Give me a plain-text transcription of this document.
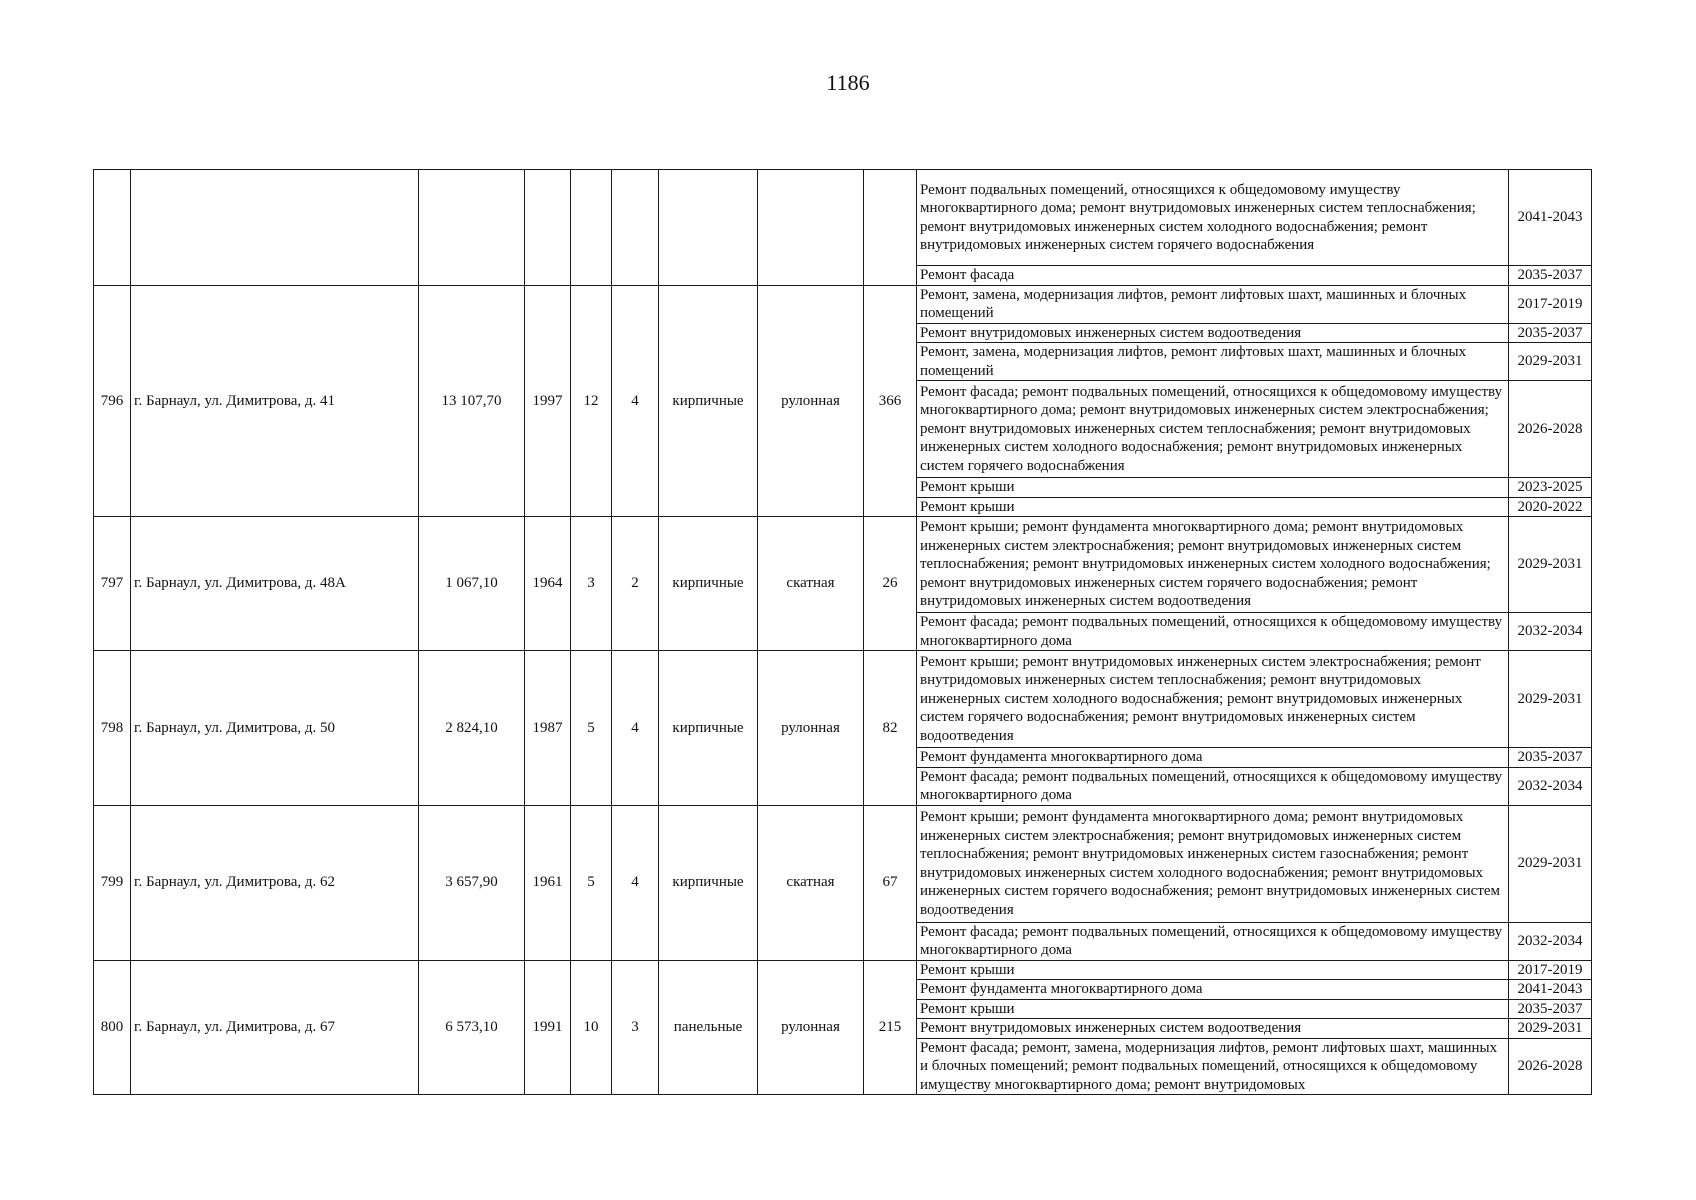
1186
									Ремонт подвальных помещений, относящихся к общедомовому имуществу многоквартирного дома; ремонт внутридомовых инженерных систем теплоснабжения; ремонт внутридомовых инженерных систем холодного водоснабжения; ремонт внутридомовых инженерных систем горячего водоснабжения	2041-2043
									Ремонт фасада	2035-2037
796	г. Барнаул, ул. Димитрова, д. 41	13 107,70	1997	12	4	кирпичные	рулонная	366	Ремонт, замена, модернизация лифтов, ремонт лифтовых шахт, машинных и блочных помещений	2017-2019
									Ремонт внутридомовых инженерных систем водоотведения	2035-2037
									Ремонт, замена, модернизация лифтов, ремонт лифтовых шахт, машинных и блочных помещений	2029-2031
									Ремонт фасада; ремонт подвальных помещений, относящихся к общедомовому имуществу многоквартирного дома; ремонт внутридомовых инженерных систем электроснабжения; ремонт внутридомовых инженерных систем теплоснабжения; ремонт внутридомовых инженерных систем холодного водоснабжения; ремонт внутридомовых инженерных систем горячего водоснабжения	2026-2028
									Ремонт крыши	2023-2025
									Ремонт крыши	2020-2022
797	г. Барнаул, ул. Димитрова, д. 48А	1 067,10	1964	3	2	кирпичные	скатная	26	Ремонт крыши; ремонт фундамента многоквартирного дома; ремонт внутридомовых инженерных систем электроснабжения; ремонт внутридомовых инженерных систем теплоснабжения; ремонт внутридомовых инженерных систем холодного водоснабжения; ремонт внутридомовых инженерных систем горячего водоснабжения; ремонт внутридомовых инженерных систем водоотведения	2029-2031
									Ремонт фасада; ремонт подвальных помещений, относящихся к общедомовому имуществу многоквартирного дома	2032-2034
798	г. Барнаул, ул. Димитрова, д. 50	2 824,10	1987	5	4	кирпичные	рулонная	82	Ремонт крыши; ремонт внутридомовых инженерных систем электроснабжения; ремонт внутридомовых инженерных систем теплоснабжения; ремонт внутридомовых инженерных систем холодного водоснабжения; ремонт внутридомовых инженерных систем горячего водоснабжения; ремонт внутридомовых инженерных систем водоотведения	2029-2031
									Ремонт фундамента многоквартирного дома	2035-2037
									Ремонт фасада; ремонт подвальных помещений, относящихся к общедомовому имуществу многоквартирного дома	2032-2034
799	г. Барнаул, ул. Димитрова, д. 62	3 657,90	1961	5	4	кирпичные	скатная	67	Ремонт крыши; ремонт фундамента многоквартирного дома; ремонт внутридомовых инженерных систем электроснабжения; ремонт внутридомовых инженерных систем теплоснабжения; ремонт внутридомовых инженерных систем газоснабжения; ремонт внутридомовых инженерных систем холодного водоснабжения; ремонт внутридомовых инженерных систем горячего водоснабжения; ремонт внутридомовых инженерных систем водоотведения	2029-2031
									Ремонт фасада; ремонт подвальных помещений, относящихся к общедомовому имуществу многоквартирного дома	2032-2034
800	г. Барнаул, ул. Димитрова, д. 67	6 573,10	1991	10	3	панельные	рулонная	215	Ремонт крыши	2017-2019
									Ремонт фундамента многоквартирного дома	2041-2043
									Ремонт крыши	2035-2037
									Ремонт внутридомовых инженерных систем водоотведения	2029-2031
									Ремонт фасада; ремонт, замена, модернизация лифтов, ремонт лифтовых шахт, машинных и блочных помещений; ремонт подвальных помещений, относящихся к общедомовому имуществу многоквартирного дома; ремонт внутридомовых	2026-2028
